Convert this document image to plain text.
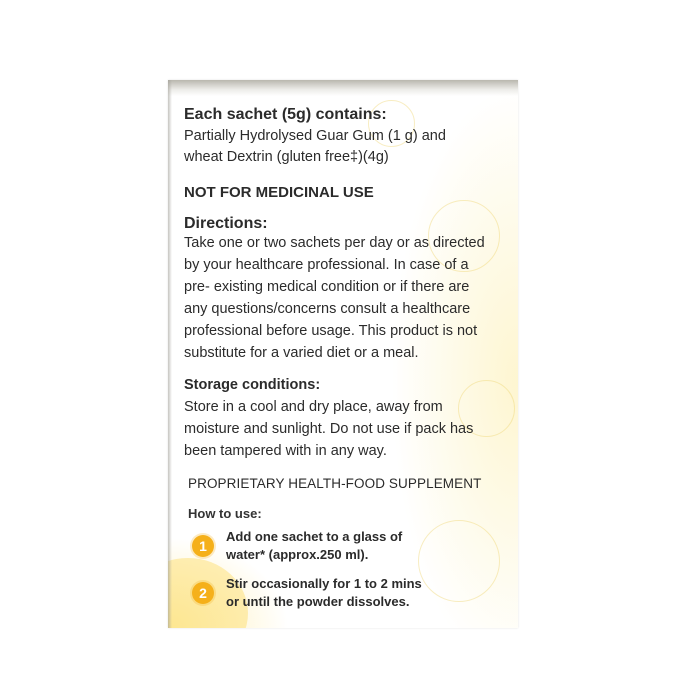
Each sachet (5g) contains:

Partially Hydrolysed Guar Gum (1 g) and

wheat Dextrin (gluten free‡)(4g)

NOT FOR MEDICINAL USE

Directions:

Take one or two sachets per day or as directed

by your healthcare professional. In case of a

pre- existing medical condition or if there are

any questions/concerns consult a healthcare

professional before usage. This product is not

substitute for a varied diet or a meal.

Storage conditions:

Store in a cool and dry place, away from

moisture and sunlight. Do not use if pack has

been tampered with in any way.

PROPRIETARY HEALTH-FOOD SUPPLEMENT

How to use:

1
Add one sachet to a glass of
water* (approx.250 ml).
2
Stir occasionally for 1 to 2 mins
or until the powder dissolves.
